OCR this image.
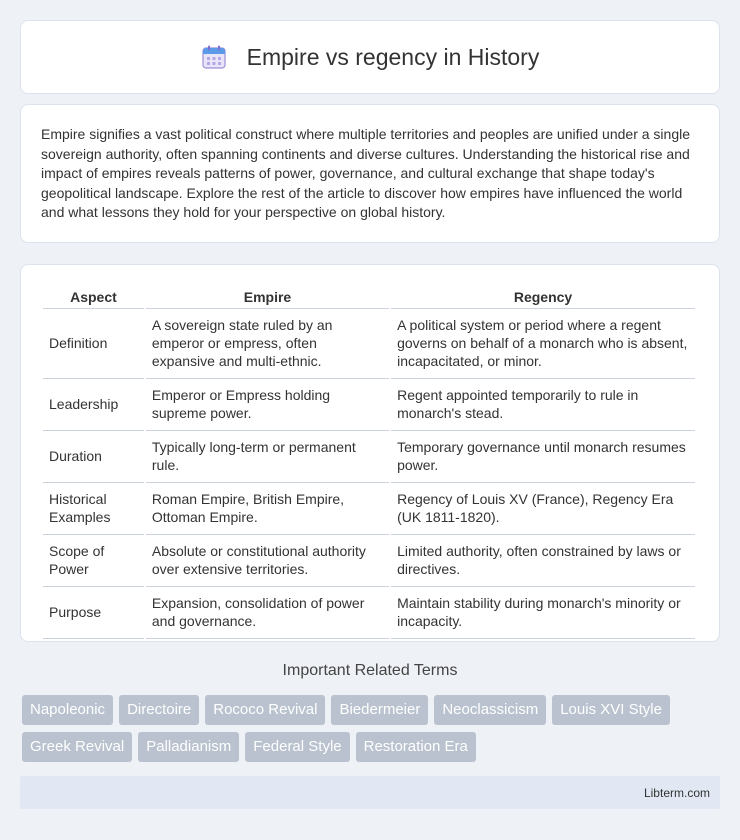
Empire vs regency in History

Empire signifies a vast political construct where multiple territories and peoples are unified under a single sovereign authority, often spanning continents and diverse cultures. Understanding the historical rise and impact of empires reveals patterns of power, governance, and cultural exchange that shape today's geopolitical landscape. Explore the rest of the article to discover how empires have influenced the world and what lessons they hold for your perspective on global history.

Aspect	Empire	Regency
Definition	A sovereign state ruled by an emperor or empress, often expansive and multi-ethnic.	A political system or period where a regent governs on behalf of a monarch who is absent, incapacitated, or minor.
Leadership	Emperor or Empress holding supreme power.	Regent appointed temporarily to rule in monarch's stead.
Duration	Typically long-term or permanent rule.	Temporary governance until monarch resumes power.
Historical Examples	Roman Empire, British Empire, Ottoman Empire.	Regency of Louis XV (France), Regency Era (UK 1811-1820).
Scope of Power	Absolute or constitutional authority over extensive territories.	Limited authority, often constrained by laws or directives.
Purpose	Expansion, consolidation of power and governance.	Maintain stability during monarch's minority or incapacity.
Important Related Terms
Napoleonic	Directoire	Rococo Revival	Biedermeier	Neoclassicism	Louis XVI Style
Greek Revival	Palladianism	Federal Style	Restoration Era
Libterm.com
